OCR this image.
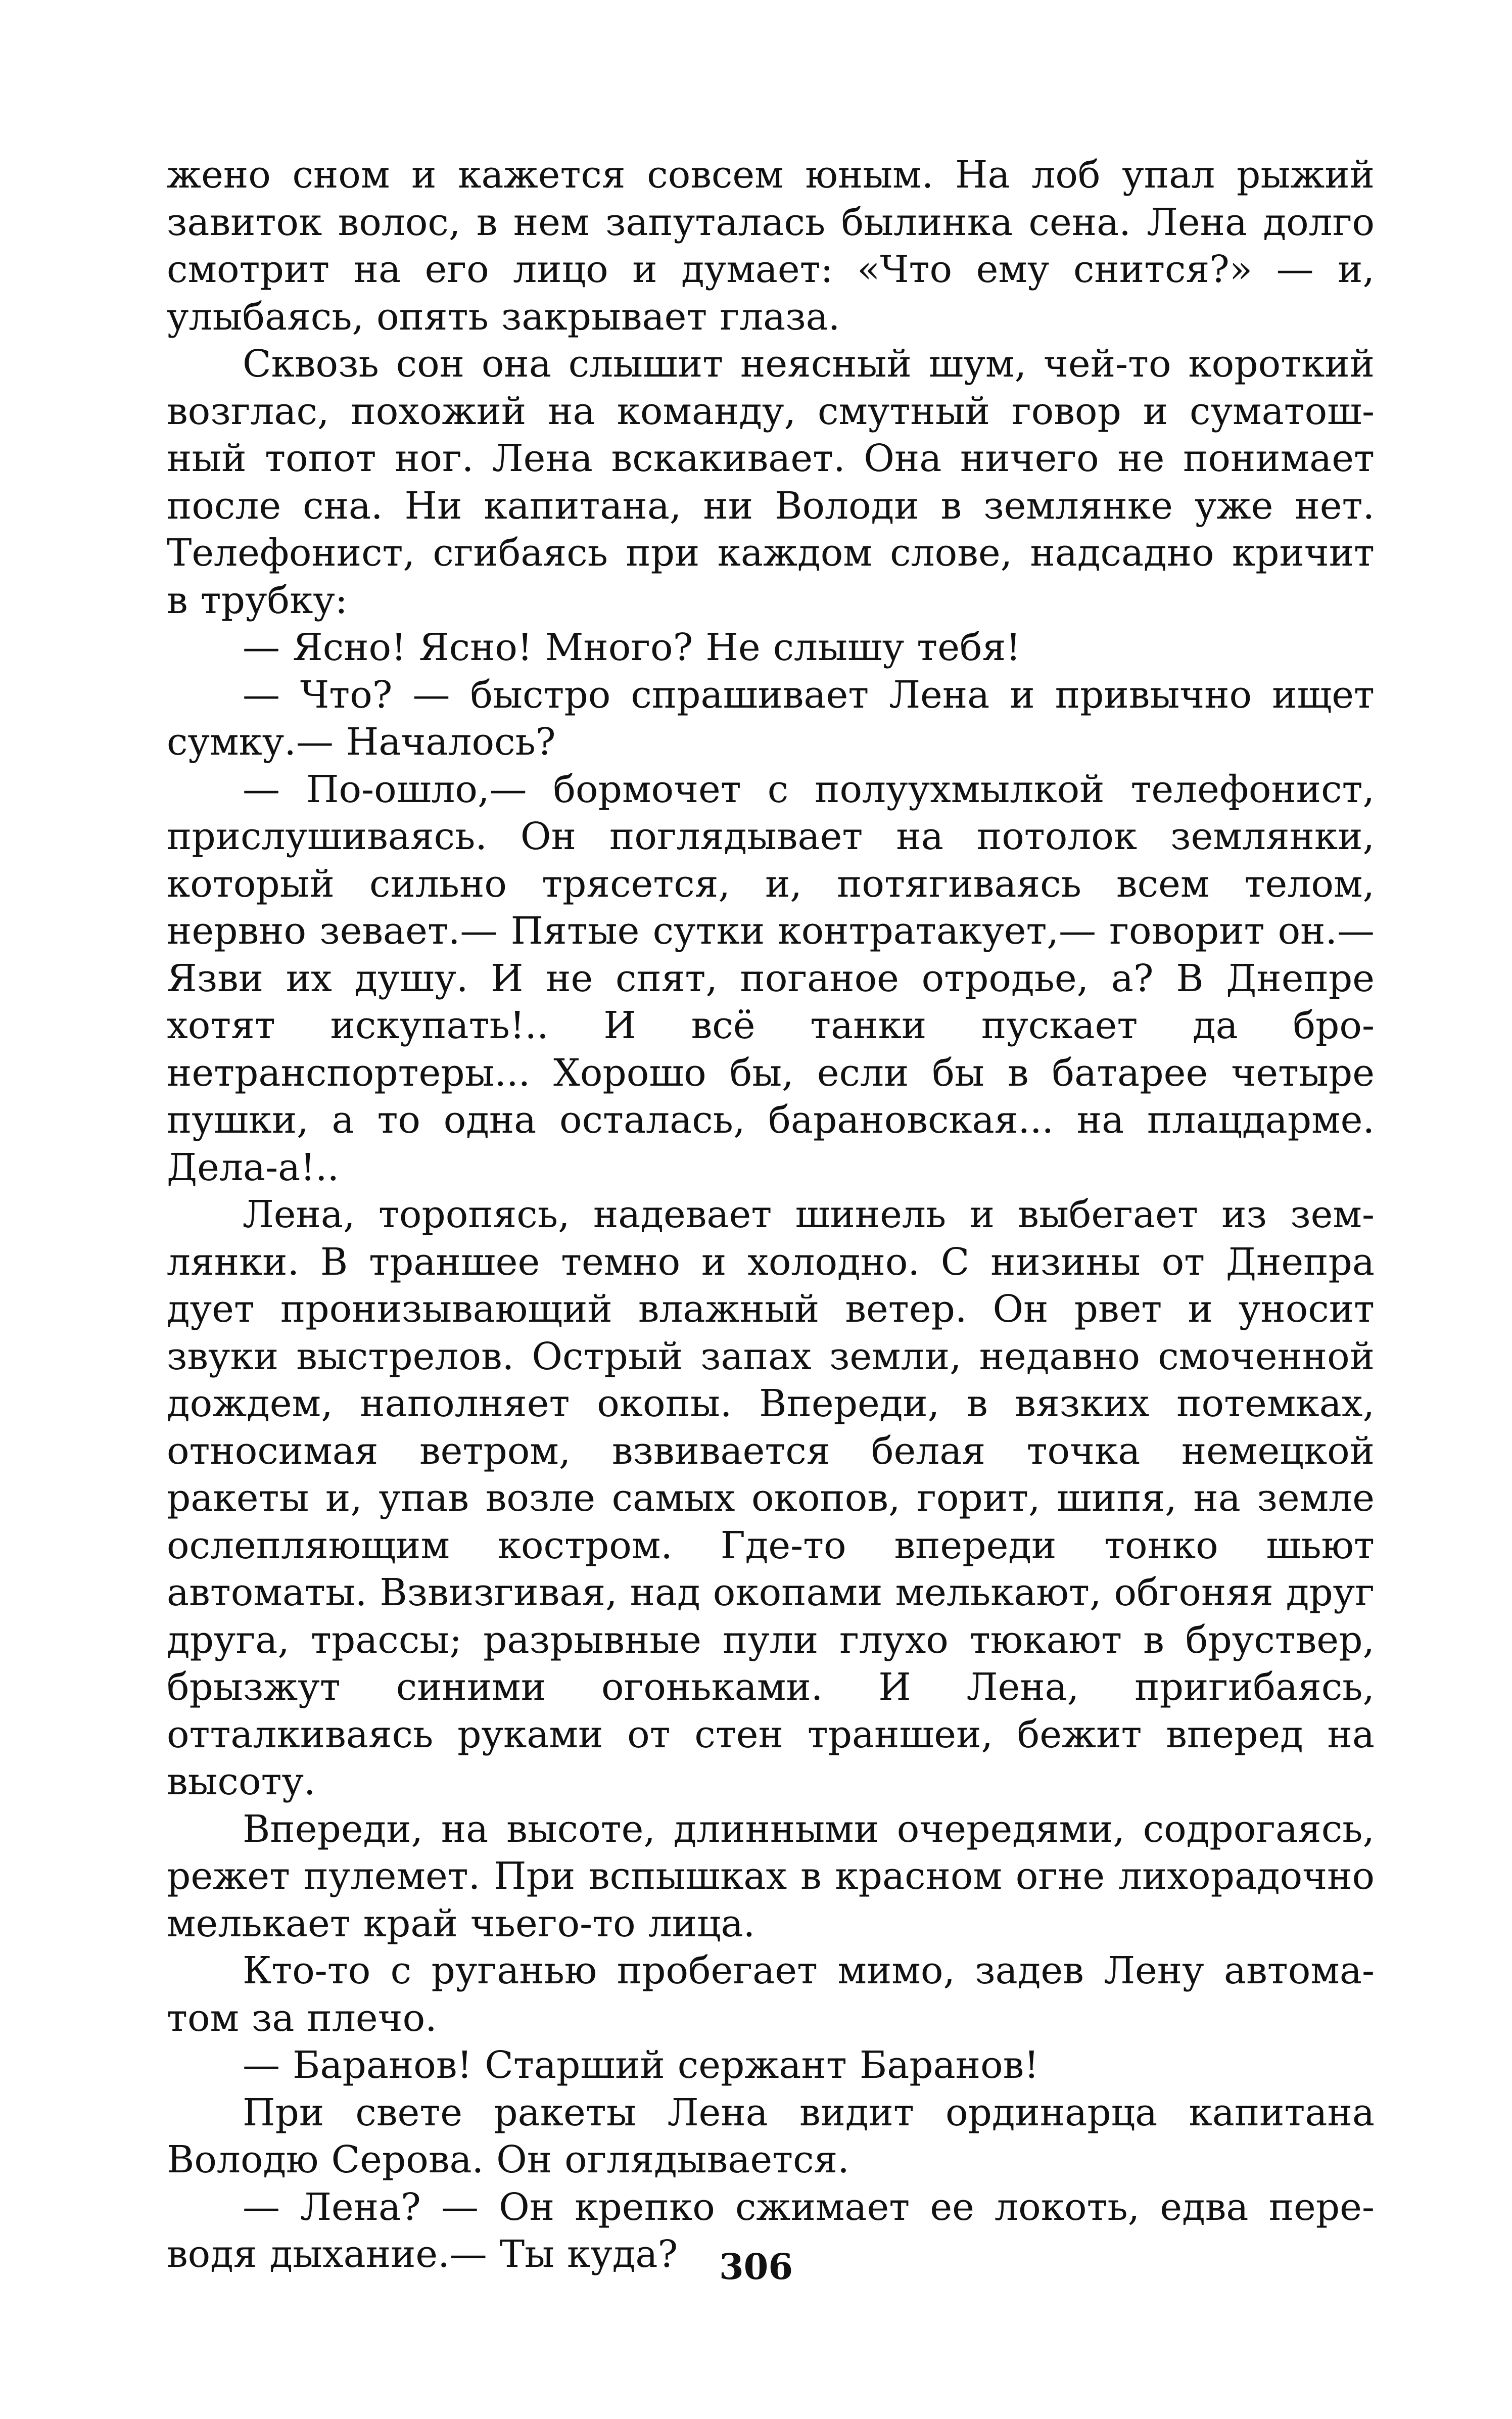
жено сном и кажется совсем юным. На лоб упал рыжий завиток волос, в нем запуталась былинка сена. Лена долго смотрит на его лицо и думает: «Что ему снится?» — и, улыбаясь, опять закрывает глаза.

Сквозь сон она слышит неясный шум, чей-то короткий возглас, похожий на команду, смутный говор и суматошный топот ног. Лена вскакивает. Она ничего не понимает после сна. Ни капитана, ни Володи в землянке уже нет. Телефонист, сгибаясь при каждом слове, надсадно кричит в трубку:

— Ясно! Ясно! Много? Не слышу тебя!

— Что? — быстро спрашивает Лена и привычно ищет сумку.— Началось?

— По-ошло,— бормочет с полуухмылкой телефонист, прислушиваясь. Он поглядывает на потолок землянки, который сильно трясется, и, потягиваясь всем телом, нервно зевает.— Пятые сутки контратакует,— говорит он.— Язви их душу. И не спят, поганое отродье, а? В Днепре хотят искупать!.. И всё танки пускает да бронетранспортеры... Хорошо бы, если бы в батарее четыре пушки, а то одна осталась, барановская... на плацдарме. Дела-а!..

Лена, торопясь, надевает шинель и выбегает из землянки. В траншее темно и холодно. С низины от Днепра дует пронизывающий влажный ветер. Он рвет и уносит звуки выстрелов. Острый запах земли, недавно смоченной дождем, наполняет окопы. Впереди, в вязких потемках, относимая ветром, взвивается белая точка немецкой ракеты и, упав возле самых окопов, горит, шипя, на земле ослепляющим костром. Где-то впереди тонко шьют автоматы. Взвизгивая, над окопами мелькают, обгоняя друг друга, трассы; разрывные пули глухо тюкают в бруствер, брызжут синими огоньками. И Лена, пригибаясь, отталкиваясь руками от стен траншеи, бежит вперед на высоту.

Впереди, на высоте, длинными очередями, содрогаясь, режет пулемет. При вспышках в красном огне лихорадочно мелькает край чьего-то лица.

Кто-то с руганью пробегает мимо, задев Лену автоматом за плечо.

— Баранов! Старший сержант Баранов!

При свете ракеты Лена видит ординарца капитана Володю Серова. Он оглядывается.

— Лена? — Он крепко сжимает ее локоть, едва переводя дыхание.— Ты куда?	306
